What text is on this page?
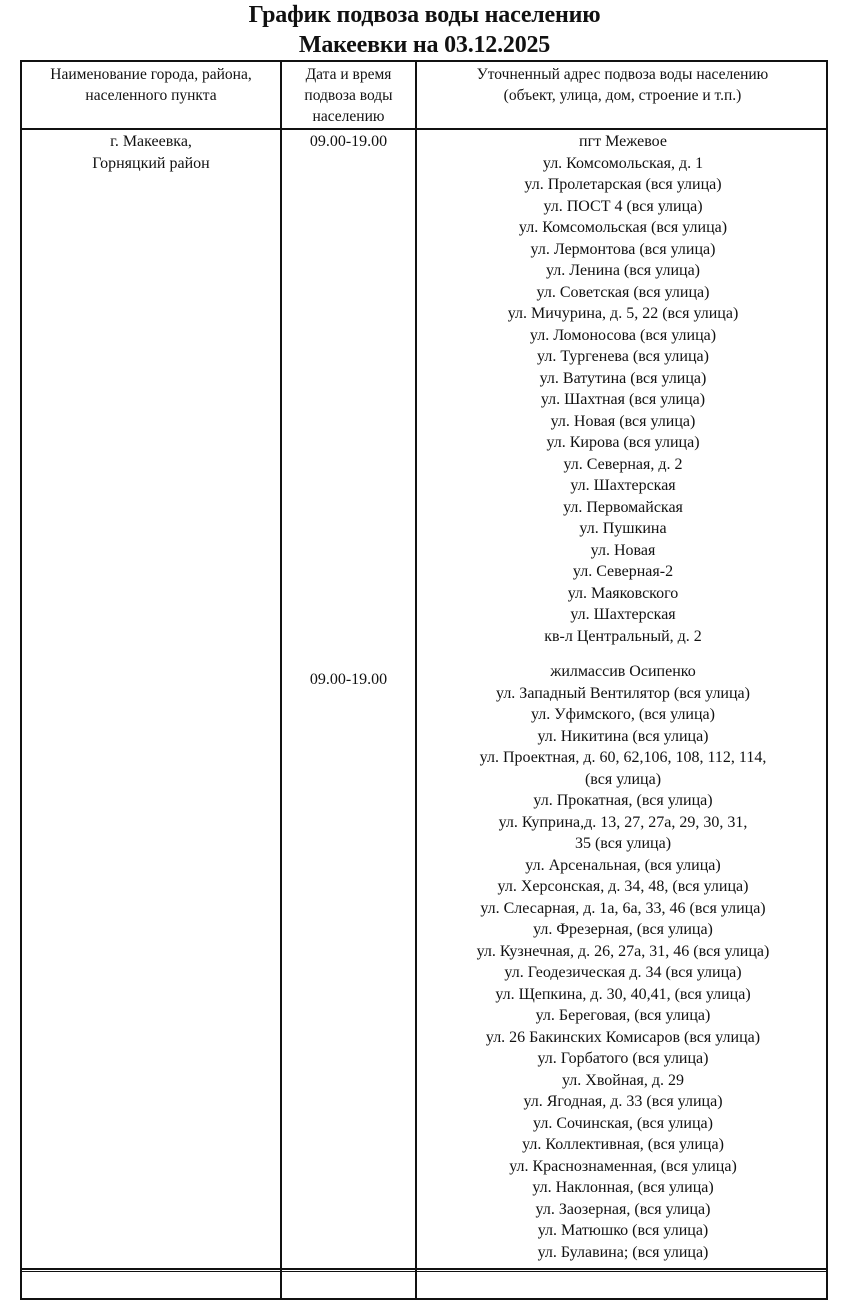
График подвоза воды населению
Макеевки на 03.12.2025
Наименование города, района,
населенного пункта
Дата и время
подвоза воды
населению
Уточненный адрес подвоза воды населению
(объект, улица, дом, строение и т.п.)
г. Макеевка,
Горняцкий район
09.00-19.00
09.00-19.00
пгт Межевое
ул. Комсомольская, д. 1
ул. Пролетарская (вся улица)
ул. ПОСТ 4 (вся улица)
ул. Комсомольская (вся улица)
ул. Лермонтова (вся улица)
ул. Ленина (вся улица)
ул. Советская (вся улица)
ул. Мичурина, д. 5, 22 (вся улица)
ул. Ломоносова (вся улица)
ул. Тургенева (вся улица)
ул. Ватутина (вся улица)
ул. Шахтная (вся улица)
ул. Новая (вся улица)
ул. Кирова (вся улица)
ул. Северная, д. 2
ул. Шахтерская
ул. Первомайская
ул. Пушкина
ул. Новая
ул. Северная-2
ул. Маяковского
ул. Шахтерская
кв-л Центральный, д. 2
жилмассив Осипенко
ул. Западный Вентилятор (вся улица)
ул. Уфимского, (вся улица)
ул. Никитина (вся улица)
ул. Проектная, д. 60, 62,106, 108, 112, 114,
(вся улица)
ул. Прокатная, (вся улица)
ул. Куприна,д. 13, 27, 27а, 29, 30, 31,
35 (вся улица)
ул. Арсенальная, (вся улица)
ул. Херсонская, д. 34, 48, (вся улица)
ул. Слесарная, д. 1а, 6а, 33, 46 (вся улица)
ул. Фрезерная, (вся улица)
ул. Кузнечная, д. 26, 27а, 31, 46 (вся улица)
ул. Геодезическая д. 34 (вся улица)
ул. Щепкина, д. 30, 40,41, (вся улица)
ул. Береговая, (вся улица)
ул. 26 Бакинских Комисаров (вся улица)
ул. Горбатого (вся улица)
ул. Хвойная, д. 29
ул. Ягодная, д. 33 (вся улица)
ул. Сочинская, (вся улица)
ул. Коллективная, (вся улица)
ул. Краснознаменная, (вся улица)
ул. Наклонная, (вся улица)
ул. Заозерная, (вся улица)
ул. Матюшко (вся улица)
ул. Булавина; (вся улица)
